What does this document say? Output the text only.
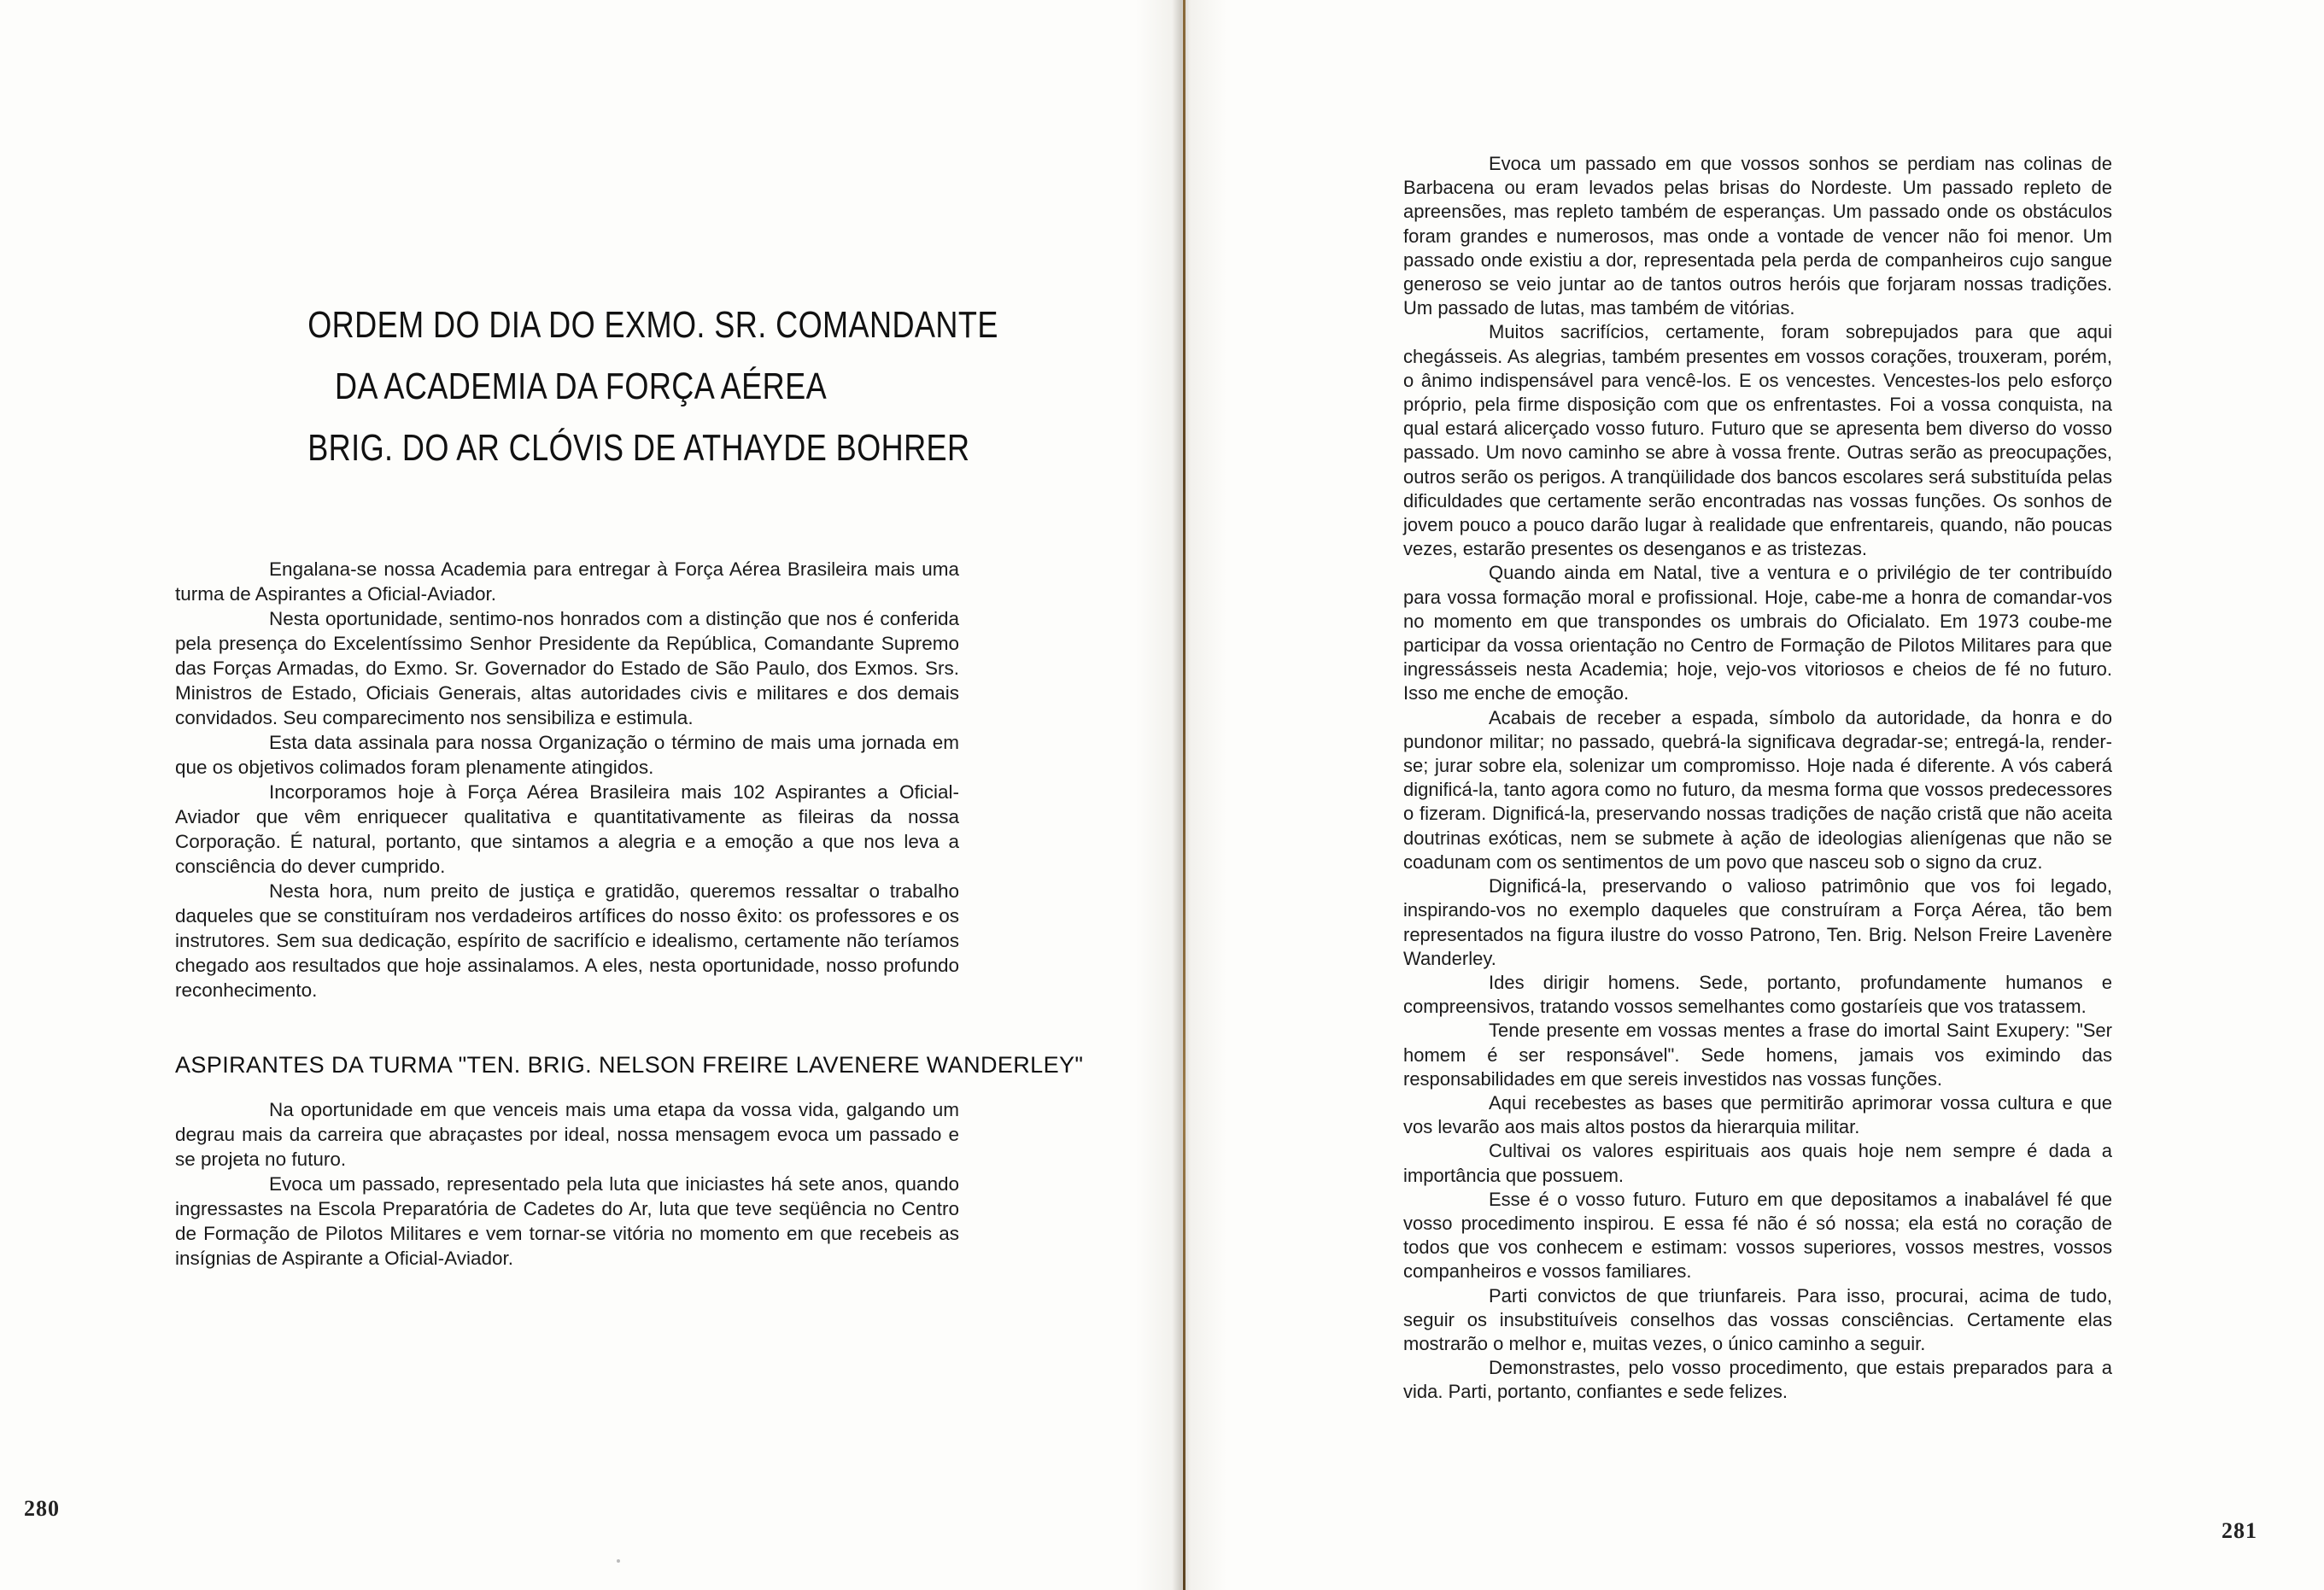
ORDEM DO DIA DO EXMO. SR. COMANDANTE
DA ACADEMIA DA FORÇA AÉREA
BRIG. DO AR CLÓVIS DE ATHAYDE BOHRER

Engalana-se nossa Academia para entregar à Força Aérea Brasileira mais uma turma de Aspirantes a Oficial-Aviador.

Nesta oportunidade, sentimo-nos honrados com a distinção que nos é conferida pela presença do Excelentíssimo Senhor Presidente da República, Comandante Supremo das Forças Armadas, do Exmo. Sr. Governador do Estado de São Paulo, dos Exmos. Srs. Ministros de Estado, Oficiais Generais, altas autoridades civis e militares e dos demais convidados. Seu comparecimento nos sensibiliza e estimula.

Esta data assinala para nossa Organização o término de mais uma jornada em que os objetivos colimados foram plenamente atingidos.

Incorporamos hoje à Força Aérea Brasileira mais 102 Aspirantes a Oficial-Aviador que vêm enriquecer qualitativa e quantitativamente as fileiras da nossa Corporação. É natural, portanto, que sintamos a alegria e a emoção a que nos leva a consciência do dever cumprido.

Nesta hora, num preito de justiça e gratidão, queremos ressaltar o trabalho daqueles que se constituíram nos verdadeiros artífices do nosso êxito: os professores e os instrutores. Sem sua dedicação, espírito de sacrifício e idealismo, certamente não teríamos chegado aos resultados que hoje assinalamos. A eles, nesta oportunidade, nosso profundo reconhecimento.

ASPIRANTES DA TURMA "TEN. BRIG. NELSON FREIRE LAVENERE WANDERLEY"

Na oportunidade em que venceis mais uma etapa da vossa vida, galgando um degrau mais da carreira que abraçastes por ideal, nossa mensagem evoca um passado e se projeta no futuro.

Evoca um passado, representado pela luta que iniciastes há sete anos, quando ingressastes na Escola Preparatória de Cadetes do Ar, luta que teve seqüência no Centro de Formação de Pilotos Militares e vem tornar-se vitória no momento em que recebeis as insígnias de Aspirante a Oficial-Aviador.

280

Evoca um passado em que vossos sonhos se perdiam nas colinas de Barbacena ou eram levados pelas brisas do Nordeste. Um passado repleto de apreensões, mas repleto também de esperanças. Um passado onde os obstáculos foram grandes e numerosos, mas onde a vontade de vencer não foi menor. Um passado onde existiu a dor, representada pela perda de companheiros cujo sangue generoso se veio juntar ao de tantos outros heróis que forjaram nossas tradições. Um passado de lutas, mas também de vitórias.

Muitos sacrifícios, certamente, foram sobrepujados para que aqui chegásseis. As alegrias, também presentes em vossos corações, trouxeram, porém, o ânimo indispensável para vencê-los. E os vencestes. Vencestes-los pelo esforço próprio, pela firme disposição com que os enfrentastes. Foi a vossa conquista, na qual estará alicerçado vosso futuro. Futuro que se apresenta bem diverso do vosso passado. Um novo caminho se abre à vossa frente. Outras serão as preocupações, outros serão os perigos. A tranqüilidade dos bancos escolares será substituída pelas dificuldades que certamente serão encontradas nas vossas funções. Os sonhos de jovem pouco a pouco darão lugar à realidade que enfrentareis, quando, não poucas vezes, estarão presentes os desenganos e as tristezas.

Quando ainda em Natal, tive a ventura e o privilégio de ter contribuído para vossa formação moral e profissional. Hoje, cabe-me a honra de comandar-vos no momento em que transpondes os umbrais do Oficialato. Em 1973 coube-me participar da vossa orientação no Centro de Formação de Pilotos Militares para que ingressásseis nesta Academia; hoje, vejo-vos vitoriosos e cheios de fé no futuro. Isso me enche de emoção.

Acabais de receber a espada, símbolo da autoridade, da honra e do pundonor militar; no passado, quebrá-la significava degradar-se; entregá-la, render-se; jurar sobre ela, solenizar um compromisso. Hoje nada é diferente. A vós caberá dignificá-la, tanto agora como no futuro, da mesma forma que vossos predecessores o fizeram. Dignificá-la, preservando nossas tradições de nação cristã que não aceita doutrinas exóticas, nem se submete à ação de ideologias alienígenas que não se coadunam com os sentimentos de um povo que nasceu sob o signo da cruz.

Dignificá-la, preservando o valioso patrimônio que vos foi legado, inspirando-vos no exemplo daqueles que construíram a Força Aérea, tão bem representados na figura ilustre do vosso Patrono, Ten. Brig. Nelson Freire Lavenère Wanderley.

Ides dirigir homens. Sede, portanto, profundamente humanos e compreensivos, tratando vossos semelhantes como gostaríeis que vos tratassem.

Tende presente em vossas mentes a frase do imortal Saint Exupery: "Ser homem é ser responsável". Sede homens, jamais vos eximindo das responsabilidades em que sereis investidos nas vossas funções.

Aqui recebestes as bases que permitirão aprimorar vossa cultura e que vos levarão aos mais altos postos da hierarquia militar.

Cultivai os valores espirituais aos quais hoje nem sempre é dada a importância que possuem.

Esse é o vosso futuro. Futuro em que depositamos a inabalável fé que vosso procedimento inspirou. E essa fé não é só nossa; ela está no coração de todos que vos conhecem e estimam: vossos superiores, vossos mestres, vossos companheiros e vossos familiares.

Parti convictos de que triunfareis. Para isso, procurai, acima de tudo, seguir os insubstituíveis conselhos das vossas consciências. Certamente elas mostrarão o melhor e, muitas vezes, o único caminho a seguir.

Demonstrastes, pelo vosso procedimento, que estais preparados para a vida. Parti, portanto, confiantes e sede felizes.

281
